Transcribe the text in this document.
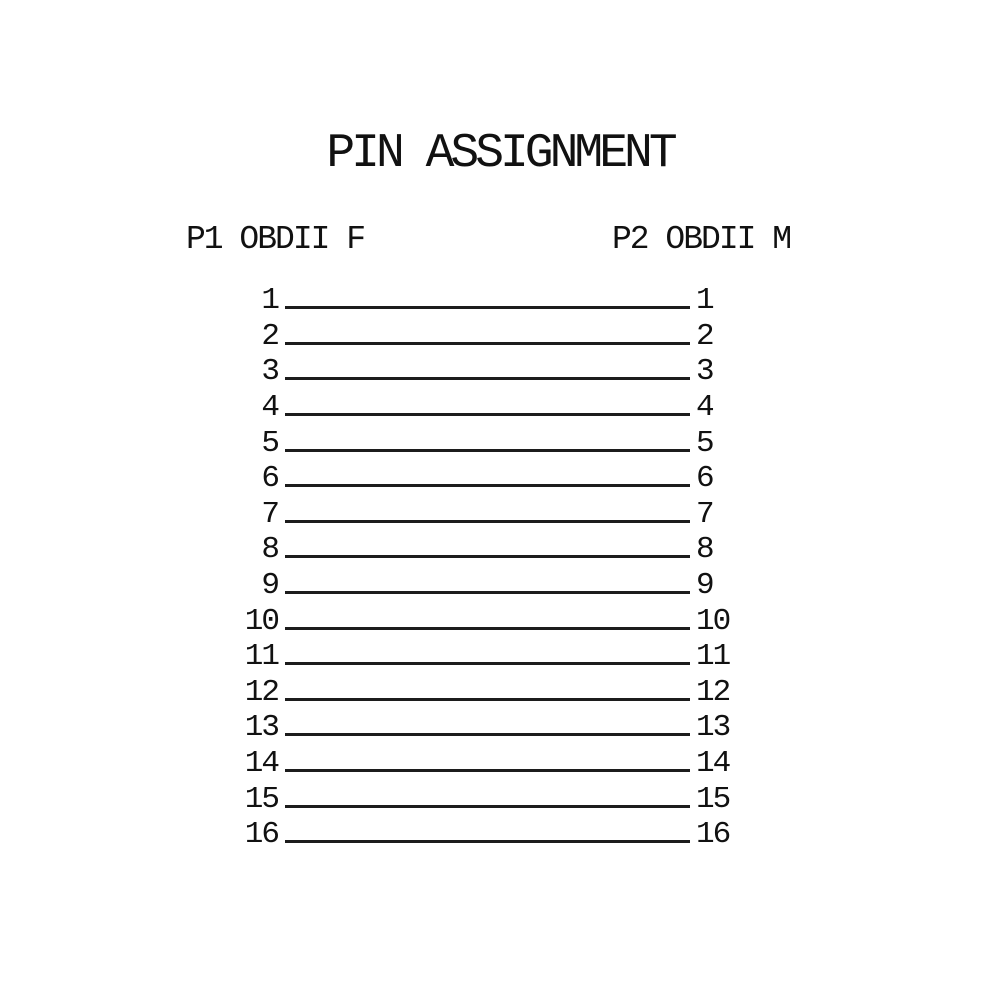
PIN ASSIGNMENT
P1 OBDII F	P2 OBDII M
1	1
2	2
3	3
4	4
5	5
6	6
7	7
8	8
9	9
10	10
11	11
12	12
13	13
14	14
15	15
16	16
